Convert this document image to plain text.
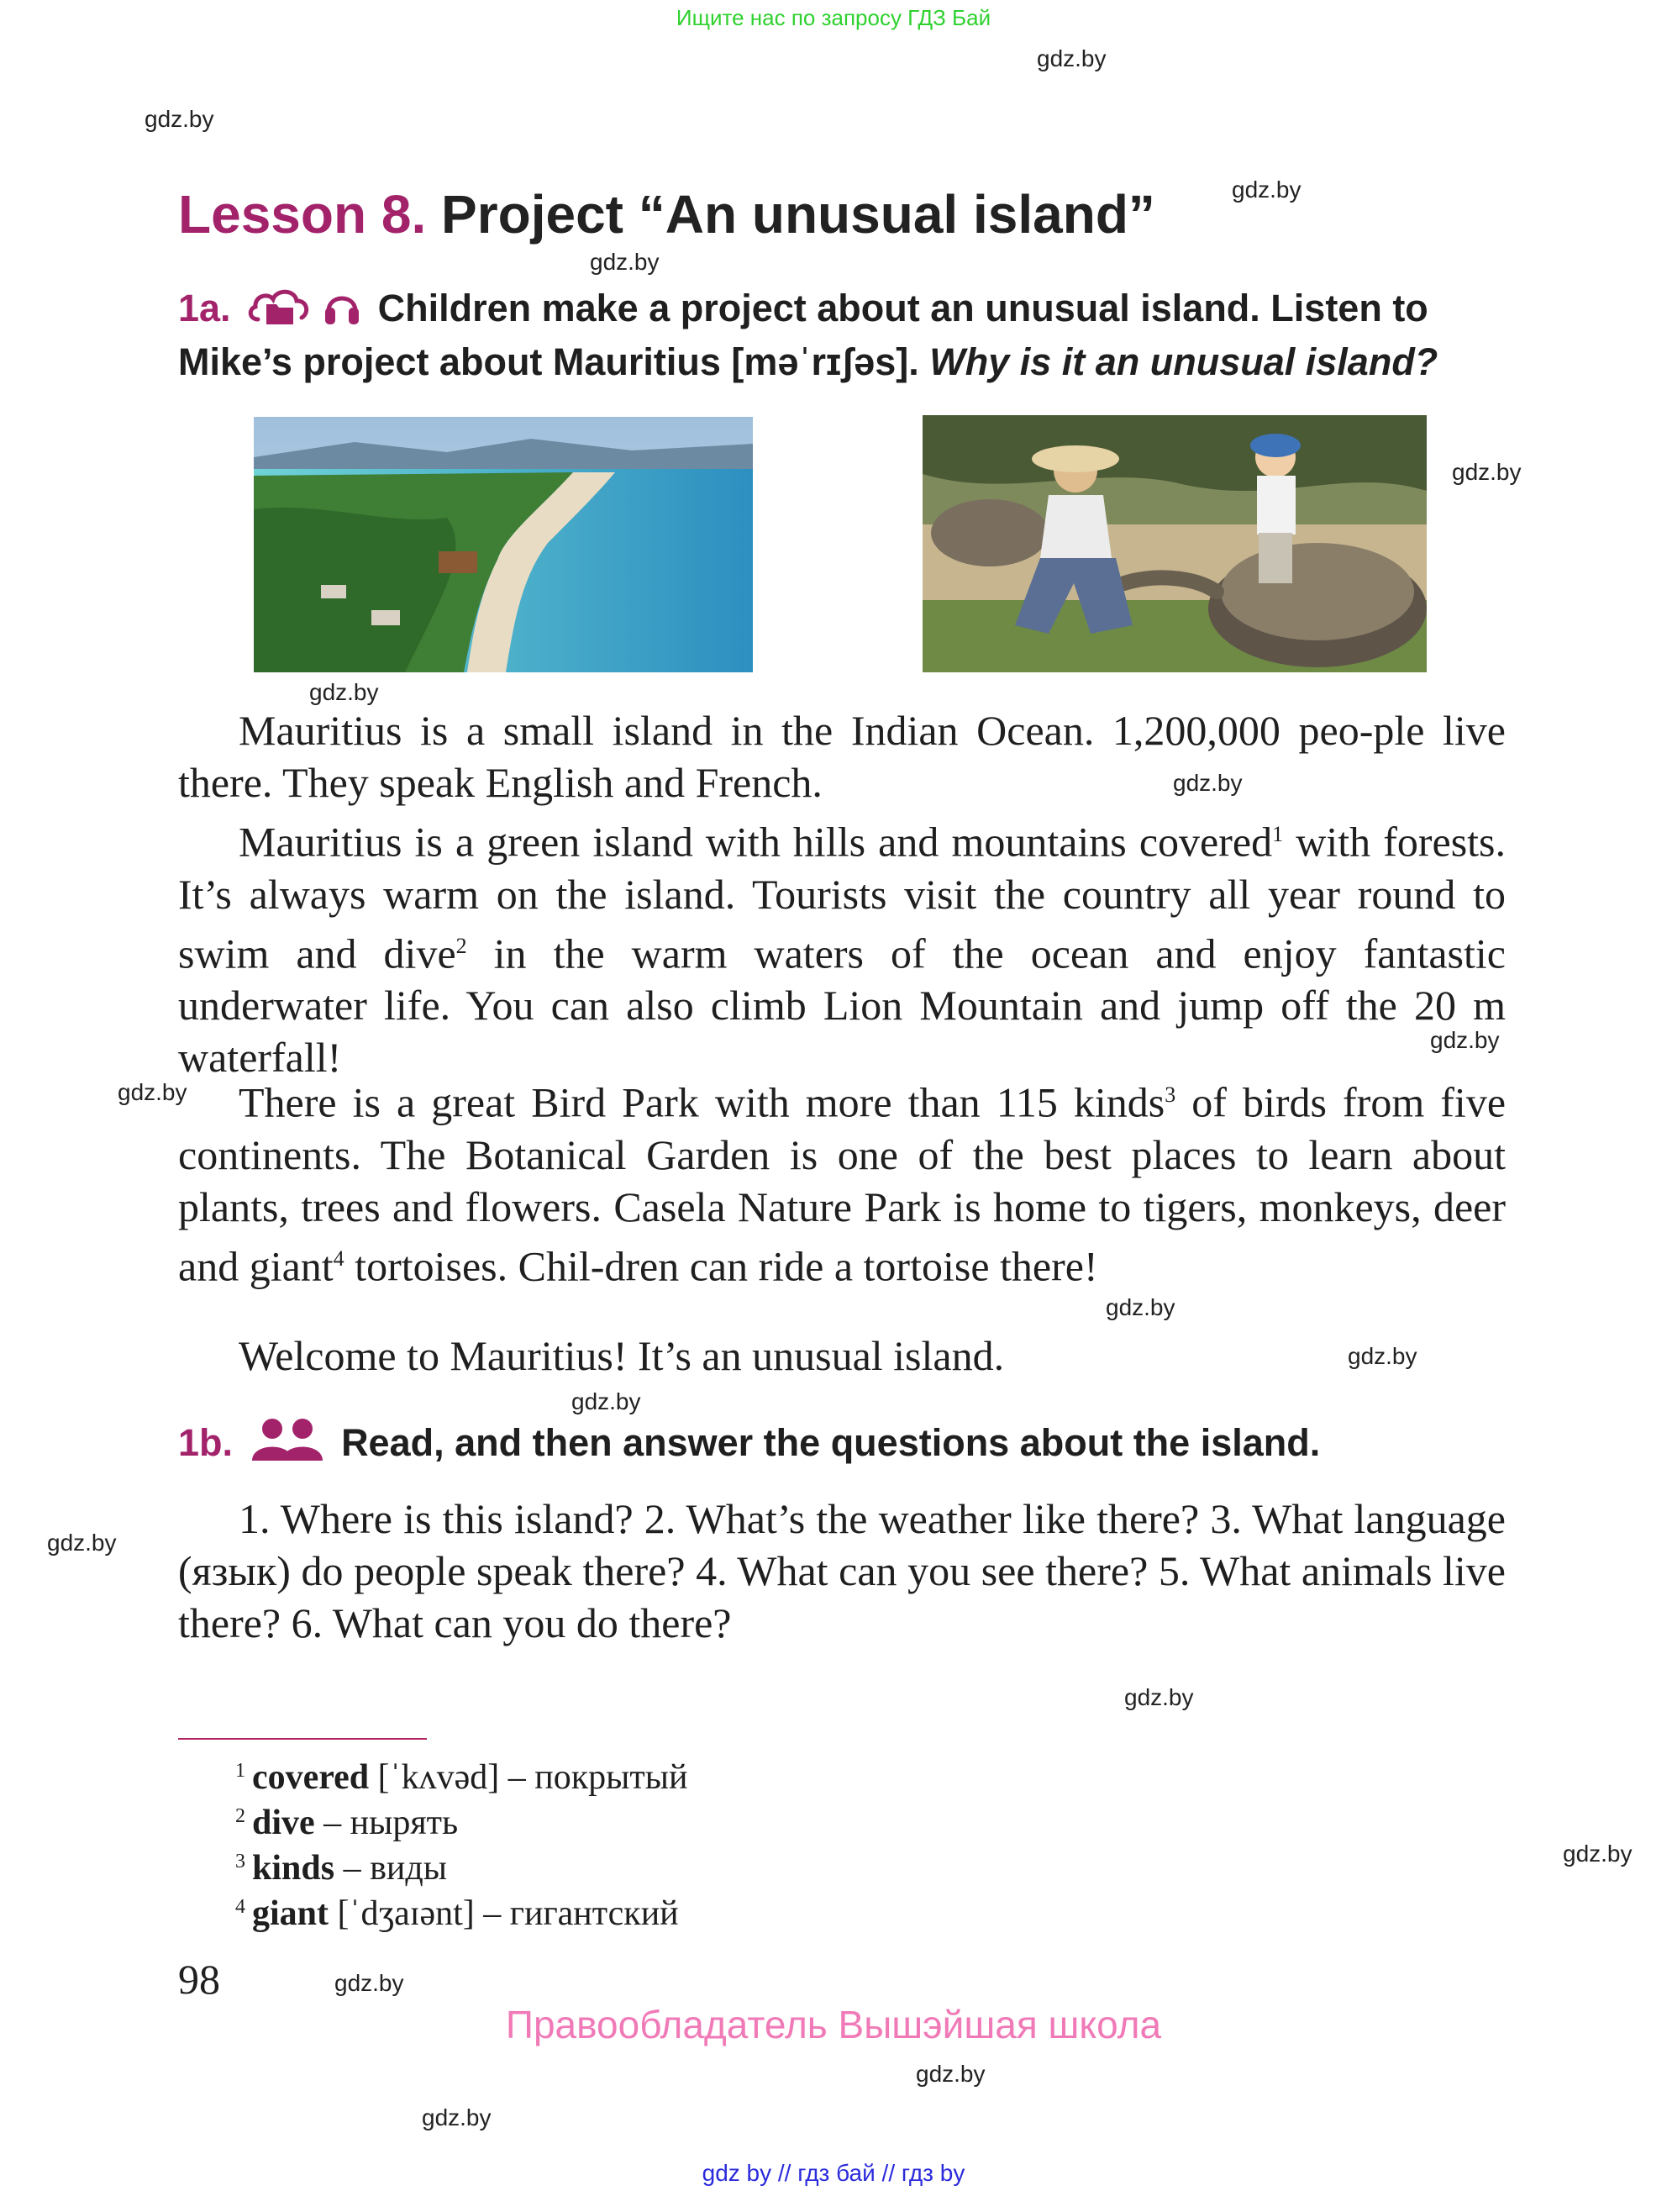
Ищите нас по запросу ГДЗ Бай
gdz.by
gdz.by
gdz.by
gdz.by
gdz.by
gdz.by
gdz.by
gdz.by
gdz.by
gdz.by
gdz.by
gdz.by
gdz.by
gdz.by
gdz.by
gdz.by
gdz.by
gdz.by
Lesson 8. Project “An unusual island”
1a.	Children make a project about an unusual island. Listen to
Mike’s project about Mauritius [məˈrɪʃəs]. Why is it an unusual island?
Mauritius is a small island in the Indian Ocean. 1,200,000 peo-ple live there. They speak English and French.
Mauritius is a green island with hills and mountains covered$^1$ with forests. It’s always warm on the island. Tourists visit the country all year round to swim and dive$^2$ in the warm waters of the ocean and enjoy fantastic underwater life. You can also climb Lion Mountain and jump off the 20 m waterfall!
There is a great Bird Park with more than 115 kinds$^3$ of birds from five continents. The Botanical Garden is one of the best places to learn about plants, trees and flowers. Casela Nature Park is home to tigers, monkeys, deer and giant$^4$ tortoises. Chil-dren can ride a tortoise there!
Welcome to Mauritius! It’s an unusual island.
1b.	Read, and then answer the questions about the island.
1. Where is this island? 2. What’s the weather like there? 3. What language (язык) do people speak there? 4. What can you see there? 5. What animals live there? 6. What can you do there?
$^1$ covered [ˈkʌvəd] – покрытый
$^2$ dive – нырять
$^3$ kinds – виды
$^4$ giant [ˈdʒaɪənt] – гигантский
98
Правообладатель Вышэйшая школа
gdz by // гдз бай // гдз by
